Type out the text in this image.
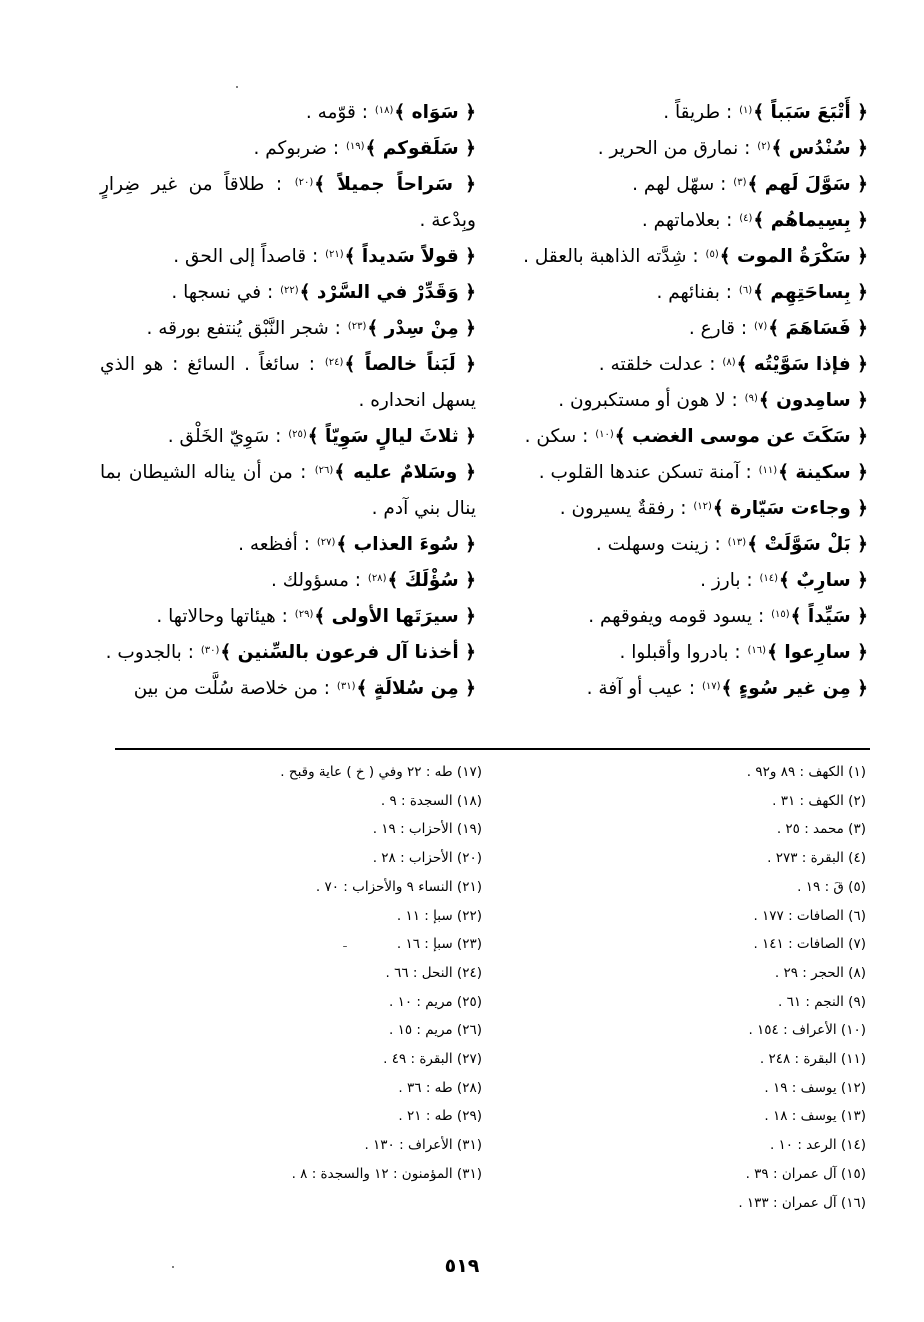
﴿ أَتْبَعَ سَبَباً ﴾$^{(١)}$ : طريقاً .
﴿ سُنْدُس ﴾$^{(٢)}$ : نمارق من الحرير .
﴿ سَوَّلَ لَهم ﴾$^{(٣)}$ : سهّل لهم .
﴿ بِسِيماهُم ﴾$^{(٤)}$ : بعلاماتهم .
﴿ سَكْرَةُ الموت ﴾$^{(٥)}$ : شِدَّته الذاهبة بالعقل .
﴿ بِساحَتِهِم ﴾$^{(٦)}$ : بفنائهم .
﴿ فَسَاهَمَ ﴾$^{(٧)}$ : قارع .
﴿ فإذا سَوَّيْتُه ﴾$^{(٨)}$ : عدلت خلقته .
﴿ سامِدون ﴾$^{(٩)}$ : لا هون أو مستكبرون .
﴿ سَكَتَ عن موسى الغضب ﴾$^{(١٠)}$ : سكن .
﴿ سكينة ﴾$^{(١١)}$ : آمنة تسكن عندها القلوب .
﴿ وجاءت سَيّارة ﴾$^{(١٢)}$ : رفقةٌ يسيرون .
﴿ بَلْ سَوَّلَتْ ﴾$^{(١٣)}$ : زينت وسهلت .
﴿ سارِبٌ ﴾$^{(١٤)}$ : بارز .
﴿ سَيِّداً ﴾$^{(١٥)}$ : يسود قومه ويفوقهم .
﴿ سارِعوا ﴾$^{(١٦)}$ : بادروا وأقبلوا .
﴿ مِن غير سُوءٍ ﴾$^{(١٧)}$ : عيب أو آفة .
﴿ سَوَاه ﴾$^{(١٨)}$ : قوّمه .
﴿ سَلَقوكم ﴾$^{(١٩)}$ : ضربوكم .
﴿ سَراحاً جميلاً ﴾$^{(٢٠)}$ : طلاقاً من غير ضِرارٍ وبِدْعة .
﴿ قولاً سَديداً ﴾$^{(٢١)}$ : قاصداً إلى الحق .
﴿ وَقَدِّرْ في السَّرْد ﴾$^{(٢٢)}$ : في نسجها .
﴿ مِنْ سِدْر ﴾$^{(٢٣)}$ : شجر النَّبْق يُنتفع بورقه .
﴿ لَبَناً خالصاً ﴾$^{(٢٤)}$ : سائغاً . السائغ : هو الذي يسهل انحداره .
﴿ ثلاثَ ليالٍ سَوِيّاً ﴾$^{(٢٥)}$ : سَوِيّ الخَلْق .
﴿ وسَلامٌ عليه ﴾$^{(٢٦)}$ : من أن يناله الشيطان بما ينال بني آدم .
﴿ سُوءَ العذاب ﴾$^{(٢٧)}$ : أفظعه .
﴿ سُؤْلَكَ ﴾$^{(٢٨)}$ : مسؤولك .
﴿ سيرَتَها الأولى ﴾$^{(٢٩)}$ : هيئاتها وحالاتها .
﴿ أخذنا آل فرعون بالسِّنين ﴾$^{(٣٠)}$ : بالجدوب .
﴿ مِن سُلالَةٍ ﴾$^{(٣١)}$ : من خلاصة سُلَّت من بين
(١) الكهف : ٨٩ و٩٢ .
(٢) الكهف : ٣١ .
(٣) محمد : ٢٥ .
(٤) البقرة : ٢٧٣ .
(٥) قَ : ١٩ .
(٦) الصافات : ١٧٧ .
(٧) الصافات : ١٤١ .
(٨) الحجر : ٢٩ .
(٩) النجم : ٦١ .
(١٠) الأعراف : ١٥٤ .
(١١) البقرة : ٢٤٨ .
(١٢) يوسف : ١٩ .
(١٣) يوسف : ١٨ .
(١٤) الرعد : ١٠ .
(١٥) آل عمران : ٣٩ .
(١٦) آل عمران : ١٣٣ .
(١٧) طه : ٢٢ وفي ( خ ) عاية وقبح .
(١٨) السجدة : ٩ .
(١٩) الأحزاب : ١٩ .
(٢٠) الأحزاب : ٢٨ .
(٢١) النساء ٩ والأحزاب : ٧٠ .
(٢٢) سبإ : ١١ .
(٢٣) سبإ : ١٦ .
(٢٤) النحل : ٦٦ .
(٢٥) مريم : ١٠ .
(٢٦) مريم : ١٥ .
(٢٧) البقرة : ٤٩ .
(٢٨) طه : ٣٦ .
(٢٩) طه : ٢١ .
(٣١) الأعراف : ١٣٠ .
(٣١) المؤمنون : ١٢ والسجدة : ٨ .
٥١٩
